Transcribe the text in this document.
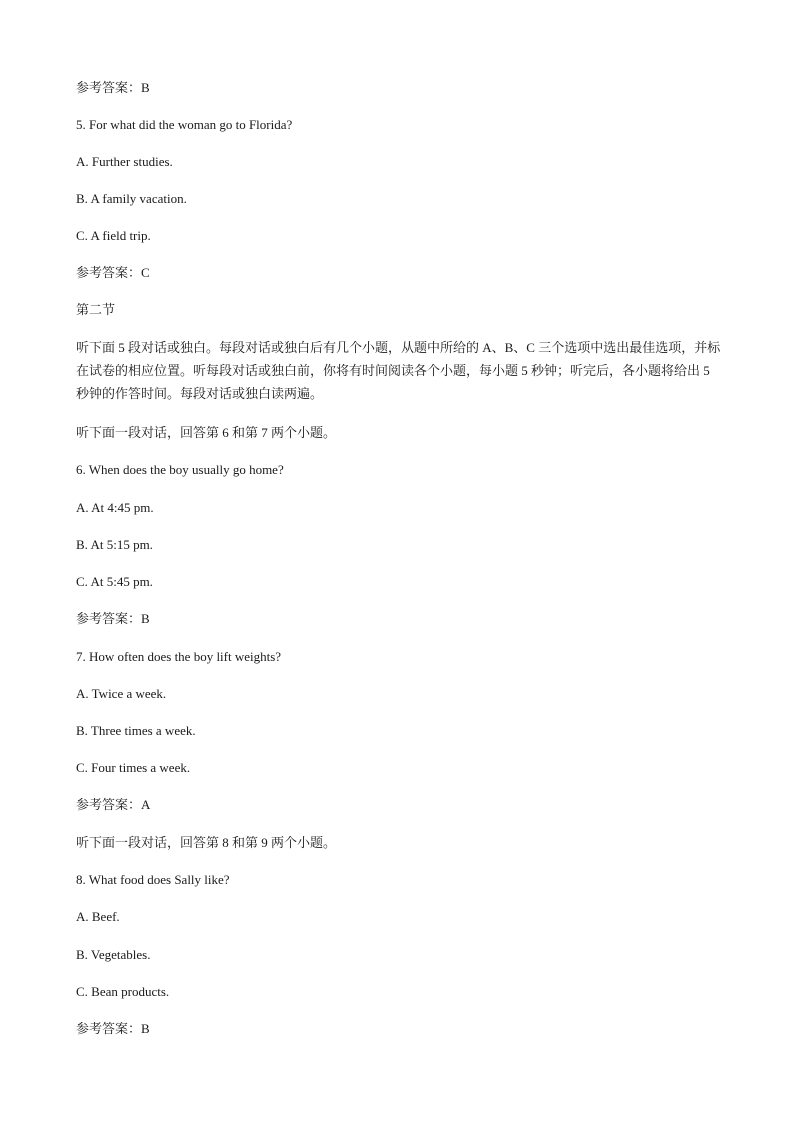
参考答案：B

5. For what did the woman go to Florida?

A. Further studies.

B. A family vacation.

C. A field trip.

参考答案：C

第二节

听下面 5 段对话或独白。每段对话或独白后有几个小题，从题中所给的 A、B、C 三个选项中选出最佳选项，并标在试卷的相应位置。听每段对话或独白前，你将有时间阅读各个小题，每小题 5 秒钟；听完后，各小题将给出 5 秒钟的作答时间。每段对话或独白读两遍。

听下面一段对话，回答第 6 和第 7 两个小题。

6. When does the boy usually go home?

A. At 4:45 pm.

B. At 5:15 pm.

C. At 5:45 pm.

参考答案：B

7. How often does the boy lift weights?

A. Twice a week.

B. Three times a week.

C. Four times a week.

参考答案：A

听下面一段对话，回答第 8 和第 9 两个小题。

8. What food does Sally like?

A. Beef.

B. Vegetables.

C. Bean products.

参考答案：B
